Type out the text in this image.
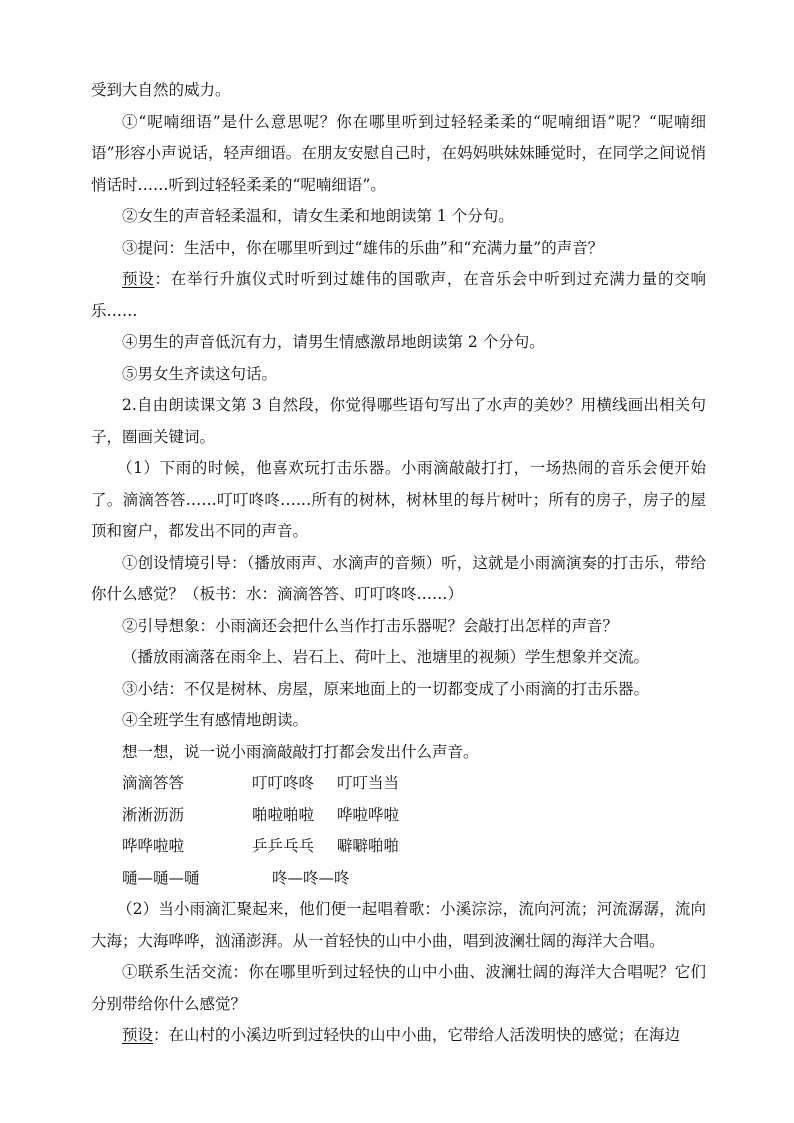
受到大自然的威力。

①“呢喃细语”是什么意思呢？你在哪里听到过轻轻柔柔的“呢喃细语”呢？“呢喃细语”形容小声说话，轻声细语。在朋友安慰自己时，在妈妈哄妹妹睡觉时，在同学之间说悄悄话时……听到过轻轻柔柔的“呢喃细语”。

②女生的声音轻柔温和，请女生柔和地朗读第 1 个分句。

③提问：生活中，你在哪里听到过“雄伟的乐曲”和“充满力量”的声音？

预设：在举行升旗仪式时听到过雄伟的国歌声，在音乐会中听到过充满力量的交响乐……

④男生的声音低沉有力，请男生情感激昂地朗读第 2 个分句。

⑤男女生齐读这句话。

2.自由朗读课文第 3 自然段，你觉得哪些语句写出了水声的美妙？用横线画出相关句子，圈画关键词。

（1）下雨的时候，他喜欢玩打击乐器。小雨滴敲敲打打，一场热闹的音乐会便开始了。滴滴答答……叮叮咚咚……所有的树林，树林里的每片树叶；所有的房子，房子的屋顶和窗户，都发出不同的声音。

①创设情境引导：（播放雨声、水滴声的音频）听，这就是小雨滴演奏的打击乐，带给你什么感觉？（板书：水：滴滴答答、叮叮咚咚……）

②引导想象：小雨滴还会把什么当作打击乐器呢？会敲打出怎样的声音？

（播放雨滴落在雨伞上、岩石上、荷叶上、池塘里的视频）学生想象并交流。

③小结：不仅是树林、房屋，原来地面上的一切都变成了小雨滴的打击乐器。

④全班学生有感情地朗读。

想一想，说一说小雨滴敲敲打打都会发出什么声音。

滴滴答答	叮叮咚咚	叮叮当当
淅淅沥沥	啪啦啪啦	哗啦哗啦
哗哗啦啦	乒乒乓乓	噼噼啪啪
嗵—嗵—嗵	咚—咚—咚

（2）当小雨滴汇聚起来，他们便一起唱着歌：小溪淙淙，流向河流；河流潺潺，流向大海；大海哗哗，汹涌澎湃。从一首轻快的山中小曲，唱到波澜壮阔的海洋大合唱。

①联系生活交流：你在哪里听到过轻快的山中小曲、波澜壮阔的海洋大合唱呢？它们分别带给你什么感觉？

预设：在山村的小溪边听到过轻快的山中小曲，它带给人活泼明快的感觉；在海边
